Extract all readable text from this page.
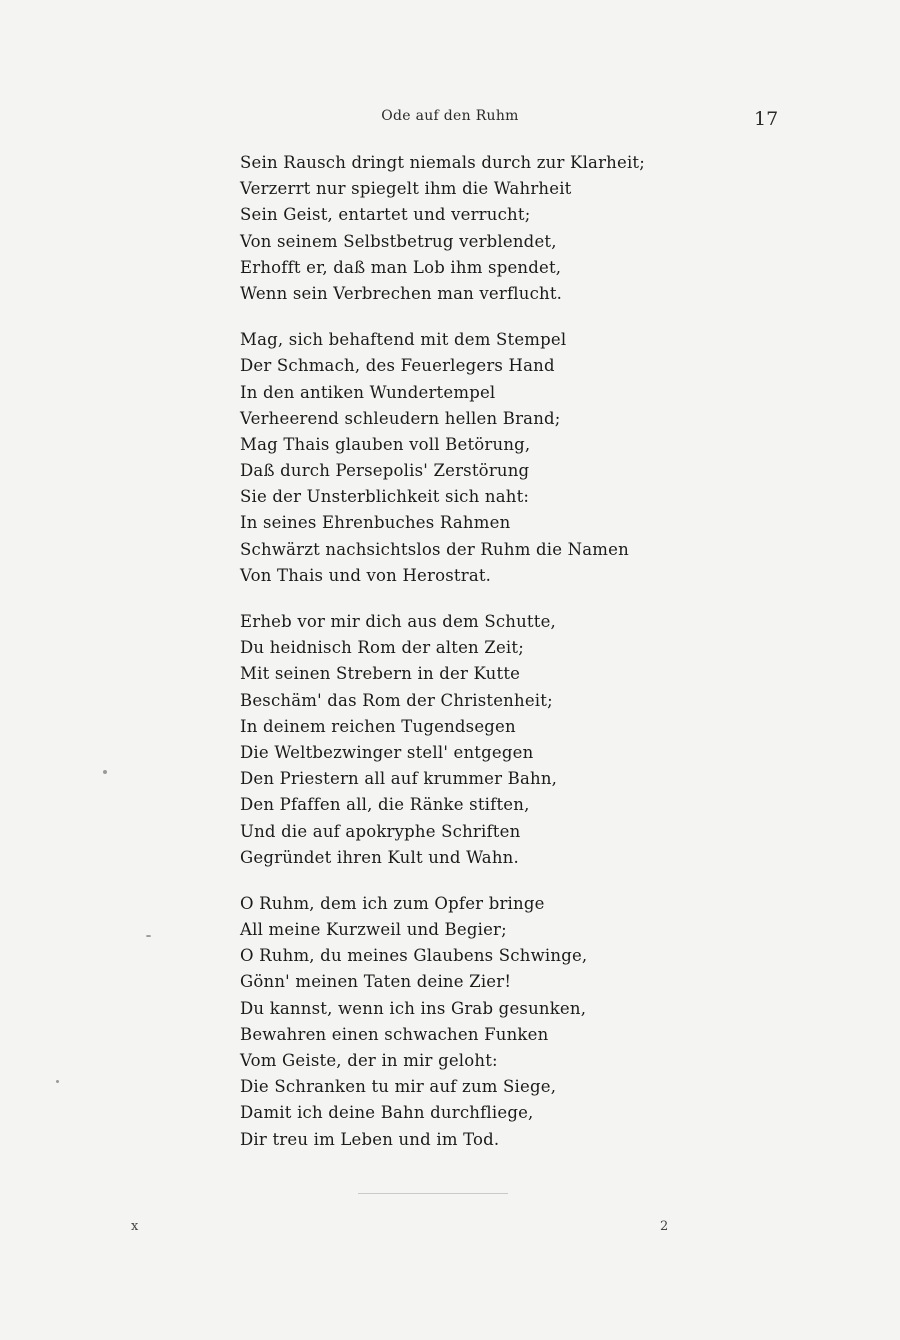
Ode auf den Ruhm	17
Sein Rausch dringt niemals durch zur Klarheit;
Verzerrt nur spiegelt ihm die Wahrheit
Sein Geist, entartet und verrucht;
Von seinem Selbstbetrug verblendet,
Erhofft er, daß man Lob ihm spendet,
Wenn sein Verbrechen man verflucht.
Mag, sich behaftend mit dem Stempel
Der Schmach, des Feuerlegers Hand
In den antiken Wundertempel
Verheerend schleudern hellen Brand;
Mag Thais glauben voll Betörung,
Daß durch Persepolis' Zerstörung
Sie der Unsterblichkeit sich naht:
In seines Ehrenbuches Rahmen
Schwärzt nachsichtslos der Ruhm die Namen
Von Thais und von Herostrat.
Erheb vor mir dich aus dem Schutte,
Du heidnisch Rom der alten Zeit;
Mit seinen Strebern in der Kutte
Beschäm' das Rom der Christenheit;
In deinem reichen Tugendsegen
Die Weltbezwinger stell' entgegen
Den Priestern all auf krummer Bahn,
Den Pfaffen all, die Ränke stiften,
Und die auf apokryphe Schriften
Gegründet ihren Kult und Wahn.
O Ruhm, dem ich zum Opfer bringe
All meine Kurzweil und Begier;
O Ruhm, du meines Glaubens Schwinge,
Gönn' meinen Taten deine Zier!
Du kannst, wenn ich ins Grab gesunken,
Bewahren einen schwachen Funken
Vom Geiste, der in mir geloht:
Die Schranken tu mir auf zum Siege,
Damit ich deine Bahn durchfliege,
Dir treu im Leben und im Tod.
x	2
